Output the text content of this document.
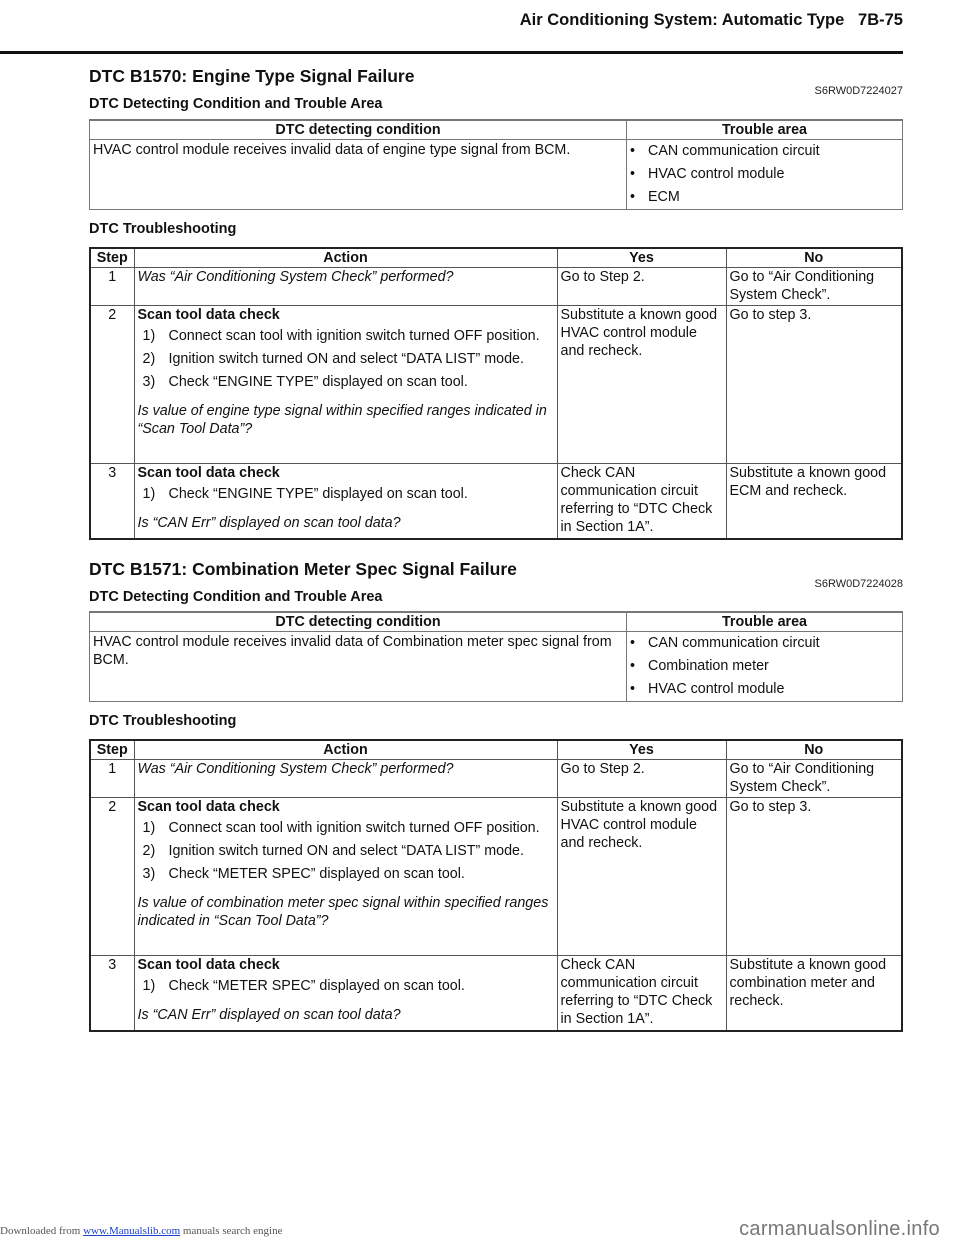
Air Conditioning System: Automatic Type 7B-75
DTC B1570: Engine Type Signal Failure
S6RW0D7224027
DTC Detecting Condition and Trouble Area
DTC detecting condition	Trouble area
HVAC control module receives invalid data of engine type signal from BCM.	• CAN communication circuit
• HVAC control module
• ECM
DTC Troubleshooting
Step	Action	Yes	No
1	Was “Air Conditioning System Check” performed?	Go to Step 2.	Go to “Air Conditioning System Check”.
2	Scan tool data check
1) Connect scan tool with ignition switch turned OFF position.
2) Ignition switch turned ON and select “DATA LIST” mode.
3) Check “ENGINE TYPE” displayed on scan tool.
Is value of engine type signal within specified ranges indicated in “Scan Tool Data”?
	Substitute a known good HVAC control module and recheck.	Go to step 3.
3	Scan tool data check
1) Check “ENGINE TYPE” displayed on scan tool.
Is “CAN Err” displayed on scan tool data?	Check CAN communication circuit referring to “DTC Check in Section 1A”.	Substitute a known good ECM and recheck.
DTC B1571: Combination Meter Spec Signal Failure
S6RW0D7224028
DTC Detecting Condition and Trouble Area
DTC detecting condition	Trouble area
HVAC control module receives invalid data of Combination meter spec signal from BCM.	
• CAN communication circuit
• Combination meter
• HVAC control module
DTC Troubleshooting
Step	Action	Yes	No
1	Was “Air Conditioning System Check” performed?	Go to Step 2.	Go to “Air Conditioning System Check”.
2	Scan tool data check
1) Connect scan tool with ignition switch turned OFF position.
2) Ignition switch turned ON and select “DATA LIST” mode.
3) Check “METER SPEC” displayed on scan tool.
Is value of combination meter spec signal within specified ranges indicated in “Scan Tool Data”?
	Substitute a known good HVAC control module and recheck.	Go to step 3.
3	Scan tool data check
1) Check “METER SPEC” displayed on scan tool.
Is “CAN Err” displayed on scan tool data?	Check CAN communication circuit referring to “DTC Check in Section 1A”.	Substitute a known good combination meter and recheck.
Downloaded from www.Manualslib.com manuals search engine	carmanualsonline.info
